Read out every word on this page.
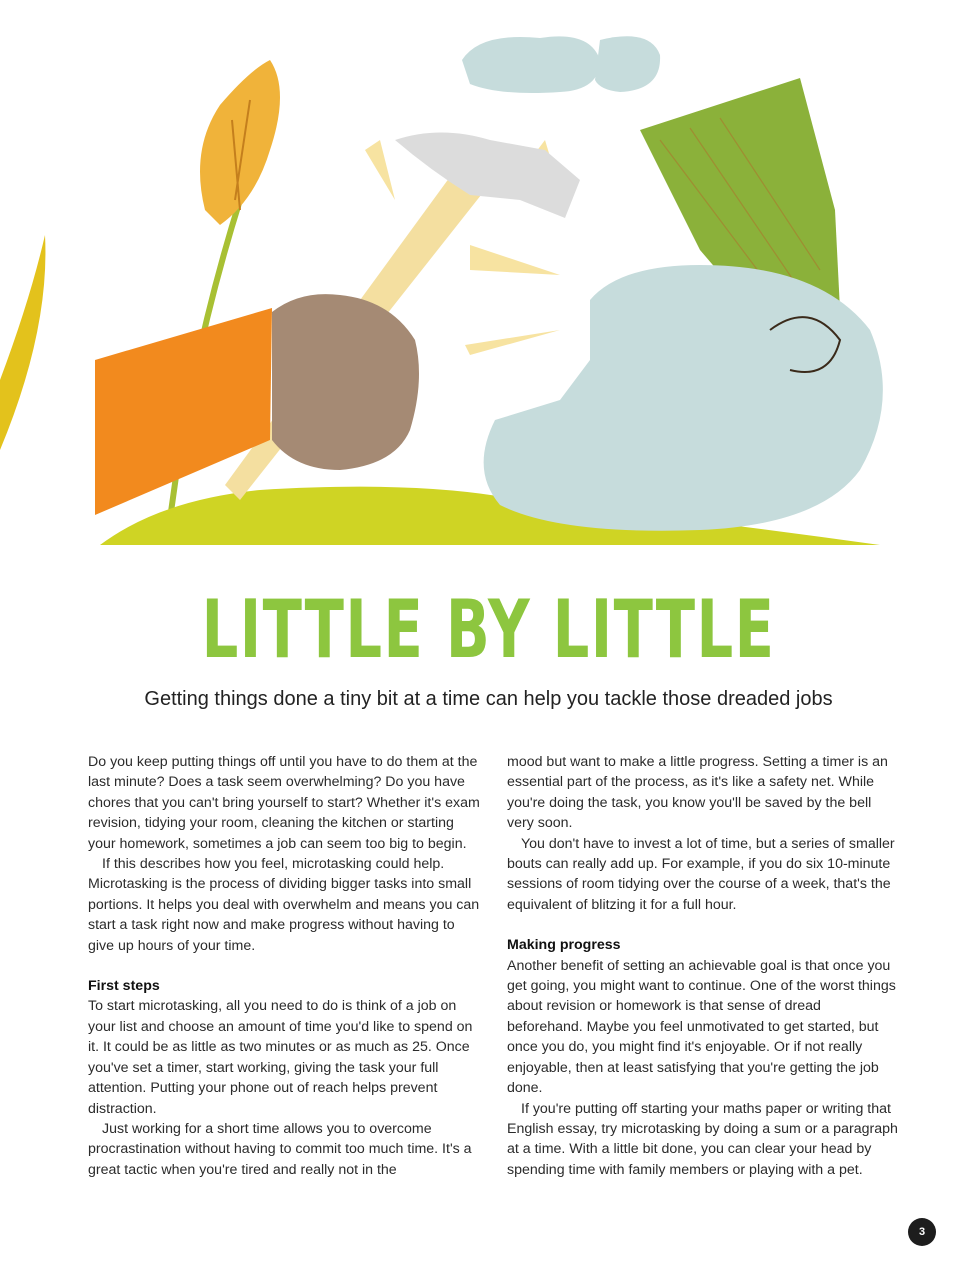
LITTLE BY LITTLE
Getting things done a tiny bit at a time can help you tackle those dreaded jobs

Do you keep putting things off until you have to do them at the last minute? Does a task seem overwhelming? Do you have chores that you can't bring yourself to start? Whether it's exam revision, tidying your room, cleaning the kitchen or starting your homework, sometimes a job can seem too big to begin.

If this describes how you feel, microtasking could help. Microtasking is the process of dividing bigger tasks into small portions. It helps you deal with overwhelm and means you can start a task right now and make progress without having to give up hours of your time.

First steps

To start microtasking, all you need to do is think of a job on your list and choose an amount of time you'd like to spend on it. It could be as little as two minutes or as much as 25. Once you've set a timer, start working, giving the task your full attention. Putting your phone out of reach helps prevent distraction.

Just working for a short time allows you to overcome procrastination without having to commit too much time. It's a great tactic when you're tired and really not in the

mood but want to make a little progress. Setting a timer is an essential part of the process, as it's like a safety net. While you're doing the task, you know you'll be saved by the bell very soon.

You don't have to invest a lot of time, but a series of smaller bouts can really add up. For example, if you do six 10-minute sessions of room tidying over the course of a week, that's the equivalent of blitzing it for a full hour.

Making progress

Another benefit of setting an achievable goal is that once you get going, you might want to continue. One of the worst things about revision or homework is that sense of dread beforehand. Maybe you feel unmotivated to get started, but once you do, you might find it's enjoyable. Or if not really enjoyable, then at least satisfying that you're getting the job done.

If you're putting off starting your maths paper or writing that English essay, try microtasking by doing a sum or a paragraph at a time. With a little bit done, you can clear your head by spending time with family members or playing with a pet.

3
